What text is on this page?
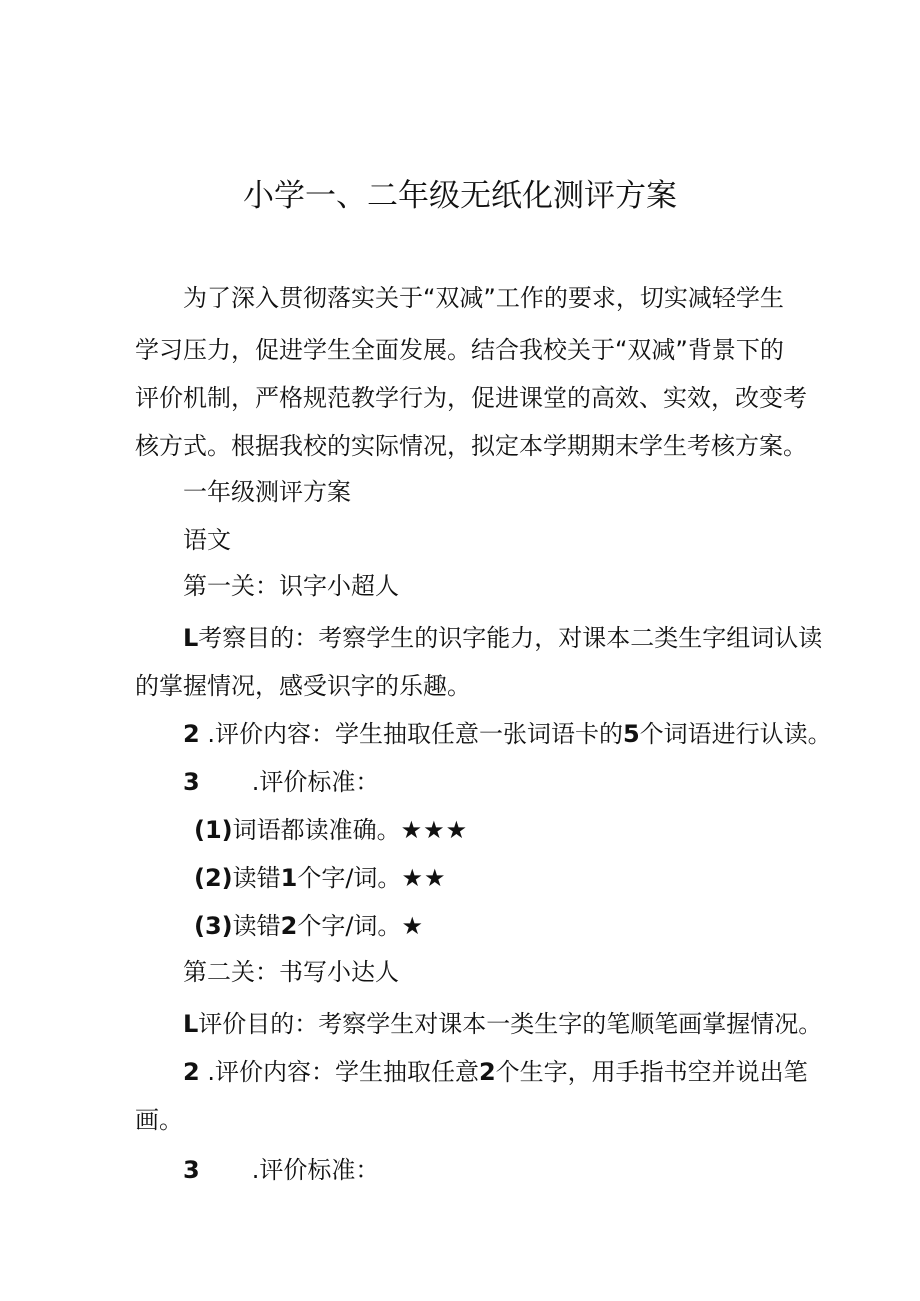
小学一、二年级无纸化测评方案
为了深入贯彻落实关于“双减”工作的要求，切实减轻学生
学习压力，促进学生全面发展。结合我校关于“双减”背景下的
评价机制，严格规范教学行为，促进课堂的高效、实效，改变考
核方式。根据我校的实际情况，拟定本学期期末学生考核方案。
一年级测评方案
语文
第一关：识字小超人
L考察目的：考察学生的识字能力，对课本二类生字组词认读
的掌握情况，感受识字的乐趣。
2 .评价内容：学生抽取任意一张词语卡的5个词语进行认读。
3 .评价标准：
(1)词语都读准确。★★★
(2)读错1个字/词。★★
(3)读错2个字/词。★
第二关：书写小达人
L评价目的：考察学生对课本一类生字的笔顺笔画掌握情况。
2 .评价内容：学生抽取任意2个生字，用手指书空并说出笔
画。
3 .评价标准：
